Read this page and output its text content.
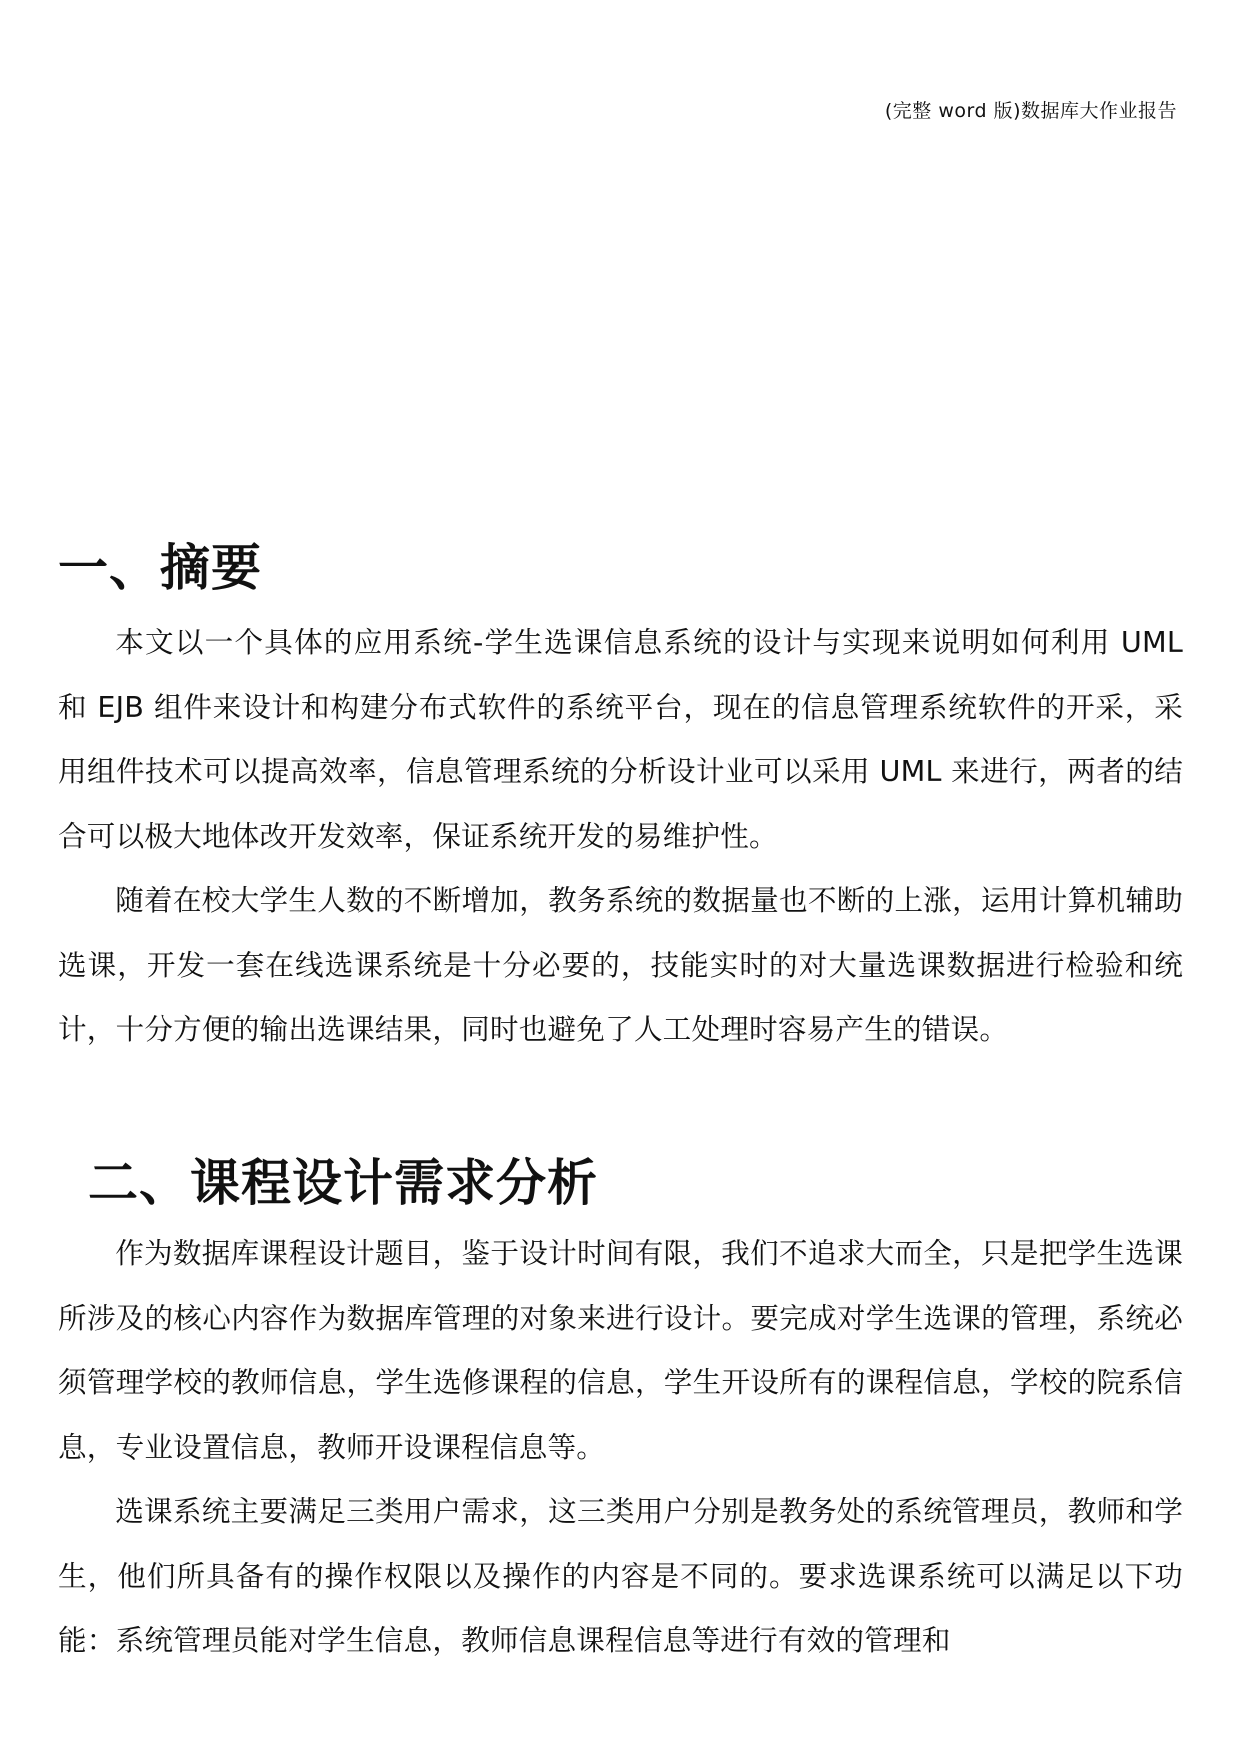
(完整 word 版)数据库大作业报告
一、摘要

本文以一个具体的应用系统-学生选课信息系统的设计与实现来说明如何利用 UML 和 EJB 组件来设计和构建分布式软件的系统平台，现在的信息管理系统软件的开采，采用组件技术可以提高效率，信息管理系统的分析设计业可以采用 UML 来进行，两者的结合可以极大地体改开发效率，保证系统开发的易维护性。

随着在校大学生人数的不断增加，教务系统的数据量也不断的上涨，运用计算机辅助选课，开发一套在线选课系统是十分必要的，技能实时的对大量选课数据进行检验和统计，十分方便的输出选课结果，同时也避免了人工处理时容易产生的错误。

二、课程设计需求分析

作为数据库课程设计题目，鉴于设计时间有限，我们不追求大而全，只是把学生选课所涉及的核心内容作为数据库管理的对象来进行设计。要完成对学生选课的管理，系统必须管理学校的教师信息，学生选修课程的信息，学生开设所有的课程信息，学校的院系信息，专业设置信息，教师开设课程信息等。

选课系统主要满足三类用户需求，这三类用户分别是教务处的系统管理员，教师和学生，他们所具备有的操作权限以及操作的内容是不同的。要求选课系统可以满足以下功能：系统管理员能对学生信息，教师信息课程信息等进行有效的管理和
